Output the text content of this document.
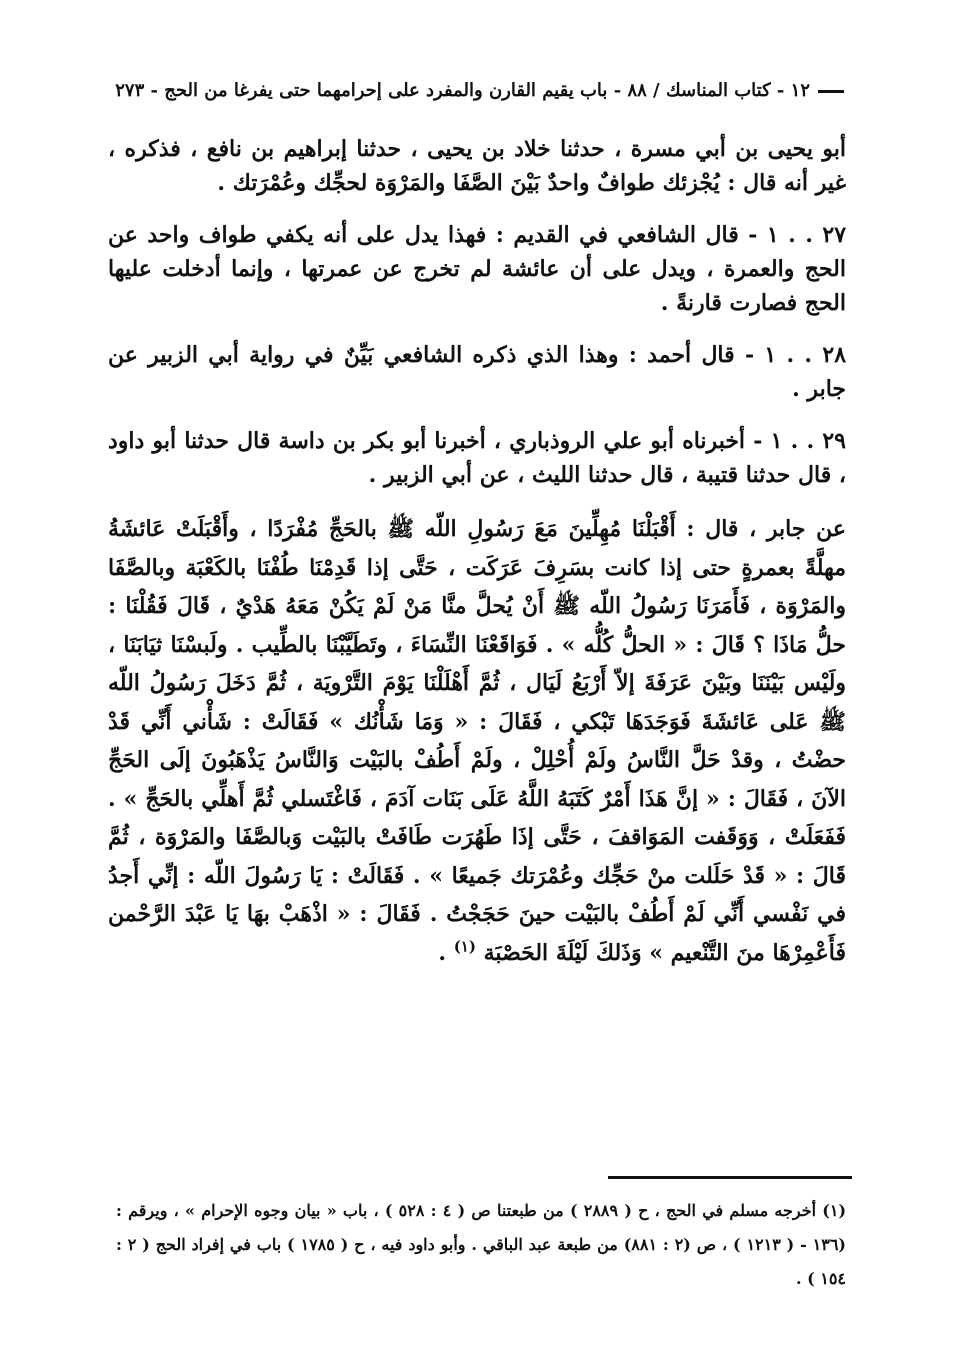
١٢ - كتاب المناسك / ٨٨ - باب يقيم القارن والمفرد على إحرامهما حتى يفرغا من الحج - ٢٧٣

أبو يحيى بن أبي مسرة ، حدثنا خلاد بن يحيى ، حدثنا إبراهيم بن نافع ، فذكره ، غير أنه قال : يُجْزئك طوافٌ واحدٌ بَيْنَ الصَّفَا والمَرْوَة لحجِّك وعُمْرَتك .

٢٧ . . ١ - قال الشافعي في القديم : فهذا يدل على أنه يكفي طواف واحد عن الحج والعمرة ، ويدل على أن عائشة لم تخرج عن عمرتها ، وإنما أدخلت عليها الحج فصارت قارنةً .

٢٨ . . ١ - قال أحمد : وهذا الذي ذكره الشافعي بَيِّنٌ في رواية أبي الزبير عن جابر .

٢٩ . . ١ - أخبرناه أبو علي الروذباري ، أخبرنا أبو بكر بن داسة قال حدثنا أبو داود ، قال حدثنا قتيبة ، قال حدثنا الليث ، عن أبي الزبير .

عن جابر ، قال : أَقْبَلْنَا مُهِلِّينَ مَعَ رَسُولِ اللّه ﷺ بالحَجِّ مُفْرَدًا ، وأَقْبَلَتْ عَائشَةُ مهلَّةً بعمرةٍ حتى إذا كانت بسَرِفَ عَرَكَت ، حَتَّى إذا قَدِمْنَا طُفْنَا بالكَعْبَة وبالصَّفَا والمَرْوَة ، فَأَمَرَنَا رَسُولُ اللّه ﷺ أَنْ يُحلَّ منَّا مَنْ لَمْ يَكُنْ مَعَهُ هَدْيٌ ، قَالَ فَقُلْنَا : حلُّ مَاذَا ؟ قَالَ : « الحلُّ كُلُّه » . فَوَاقَعْنَا النِّسَاءَ ، وتَطَيَّبْنَا بالطِّيب . ولَبسْنَا ثيَابَنَا ، ولَيْس بَيْنَنَا وبَيْنَ عَرَفَةَ إلاّ أَرْبَعُ لَيَال ، ثُمَّ أَهْلَلْنَا يَوْمَ التَّرْويَة ، ثُمَّ دَخَلَ رَسُولُ اللّه ﷺ عَلى عَائشَةَ فَوَجَدَهَا تَبْكي ، فَقَالَ : « وَمَا شَأْنُك » فَقَالَتْ : شَأْني أَنِّي قَدْ حضْتُ ، وقدْ حَلَّ النَّاسُ ولَمْ أُحْلِلْ ، ولَمْ أَطُفْ بالبَيْت وَالنَّاسُ يَذْهَبُونَ إلَى الحَجِّ الآنَ ، فَقَالَ : « إنَّ هَذَا أَمْرٌ كَتَبَهُ اللَّهُ عَلَى بَنَات آدَمَ ، فَاغْتَسلي ثُمَّ أَهلِّي بالحَجِّ » . فَفَعَلَتْ ، وَوَقَفت المَوَاقفَ ، حَتَّى إذَا طَهُرَت طَافَتْ بالبَيْت وَبالصَّفَا والمَرْوَة ، ثُمَّ قَالَ : « قَدْ حَلَلت منْ حَجِّك وعُمْرَتك جَميعًا » . فَقَالَتْ : يَا رَسُولَ اللّه : إنِّي أَجدُ في نَفْسي أَنِّي لَمْ أَطُفْ بالبَيْت حينَ حَجَجْتُ . فَقَالَ : « اذْهَبْ بهَا يَا عَبْدَ الرَّحْمن فَأَعْمِرْهَا منَ التَّنْعيم » وَذَلكَ لَيْلَةَ الحَصْبَة $^{(١)}$ .

(١) أخرجه مسلم في الحج ، ح ( ٢٨٨٩ ) من طبعتنا ص ( ٤ : ٥٢٨ ) ، باب « بيان وجوه الإحرام » ، ويرقم : (١٣٦ - ( ١٢١٣ ) ، ص (٢ : ٨٨١) من طبعة عبد الباقي . وأبو داود فيه ، ح ( ١٧٨٥ ) باب في إفراد الحج ( ٢ : ١٥٤ ) .
